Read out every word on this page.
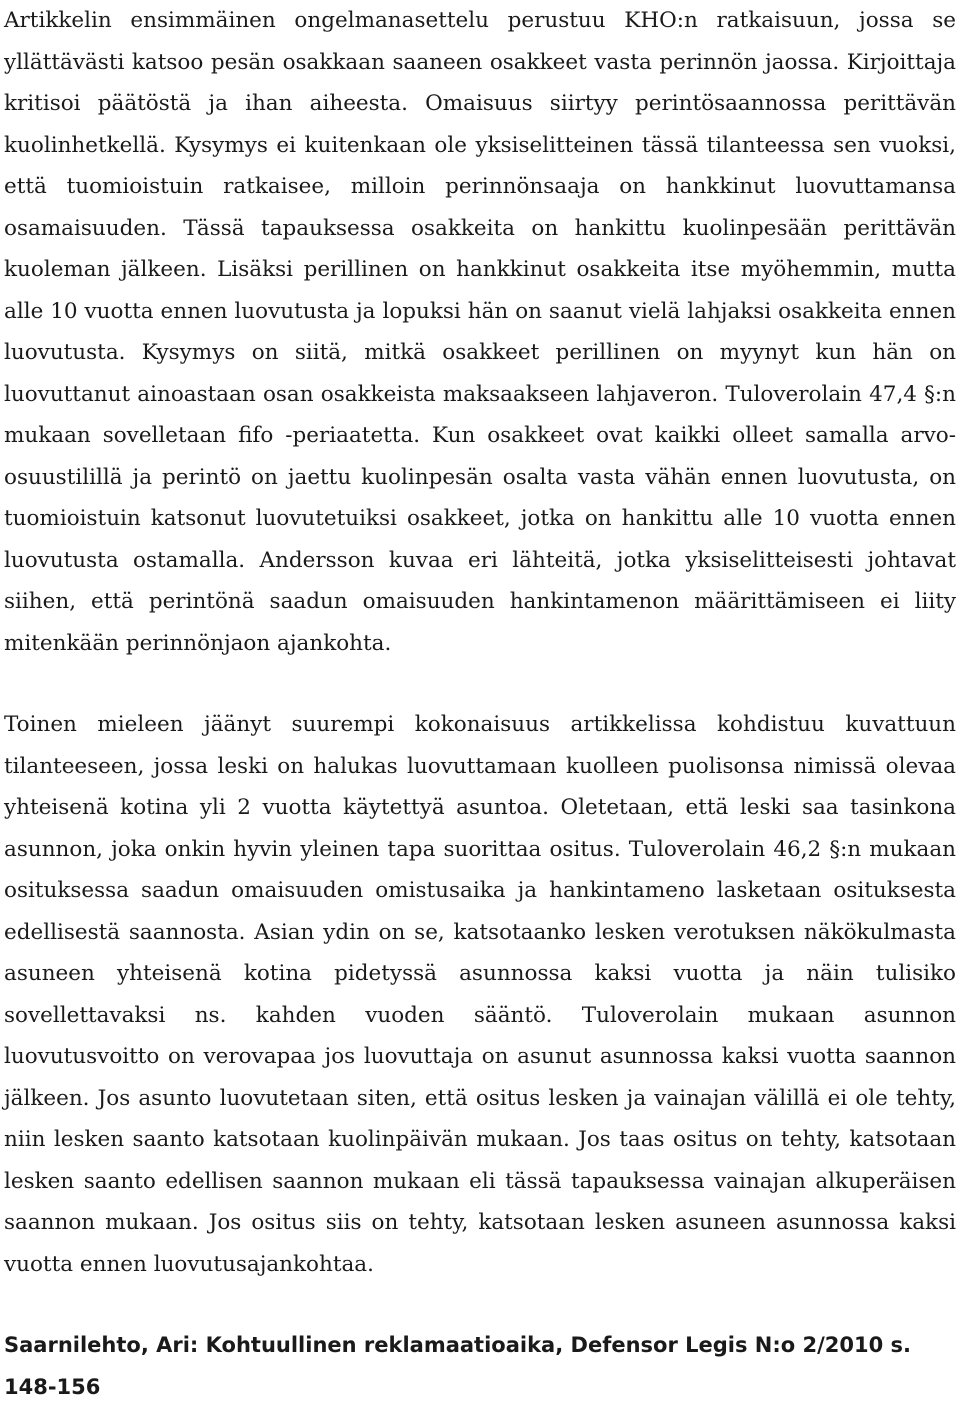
Artikkelin ensimmäinen ongelmanasettelu perustuu KHO:n ratkaisuun, jossa se yllättävästi katsoo pesän osakkaan saaneen osakkeet vasta perinnön jaossa. Kirjoittaja kritisoi päätöstä ja ihan aiheesta. Omaisuus siirtyy perintösaannossa perittävän kuolinhetkellä. Kysymys ei kuitenkaan ole yksiselitteinen tässä tilanteessa sen vuoksi, että tuomioistuin ratkaisee, milloin perinnönsaaja on hankkinut luovuttamansa osamaisuuden. Tässä tapauksessa osakkeita on hankittu kuolinpesään perittävän kuoleman jälkeen. Lisäksi perillinen on hankkinut osakkeita itse myöhemmin, mutta alle 10 vuotta ennen luovutusta ja lopuksi hän on saanut vielä lahjaksi osakkeita ennen luovutusta. Kysymys on siitä, mitkä osakkeet perillinen on myynyt kun hän on luovuttanut ainoastaan osan osakkeista maksaakseen lahjaveron. Tuloverolain 47,4 §:n mukaan sovelletaan fifo -periaatetta. Kun osakkeet ovat kaikki olleet samalla arvo-osuustilillä ja perintö on jaettu kuolinpesän osalta vasta vähän ennen luovutusta, on tuomioistuin katsonut luovutetuiksi osakkeet, jotka on hankittu alle 10 vuotta ennen luovutusta ostamalla. Andersson kuvaa eri lähteitä, jotka yksiselitteisesti johtavat siihen, että perintönä saadun omaisuuden hankintamenon määrittämiseen ei liity mitenkään perinnönjaon ajankohta.

Toinen mieleen jäänyt suurempi kokonaisuus artikkelissa kohdistuu kuvattuun tilanteeseen, jossa leski on halukas luovuttamaan kuolleen puolisonsa nimissä olevaa yhteisenä kotina yli 2 vuotta käytettyä asuntoa. Oletetaan, että leski saa tasinkona asunnon, joka onkin hyvin yleinen tapa suorittaa ositus. Tuloverolain 46,2 §:n mukaan osituksessa saadun omaisuuden omistusaika ja hankintameno lasketaan osituksesta edellisestä saannosta. Asian ydin on se, katsotaanko lesken verotuksen näkökulmasta asuneen yhteisenä kotina pidetyssä asunnossa kaksi vuotta ja näin tulisiko sovellettavaksi ns. kahden vuoden sääntö. Tuloverolain mukaan asunnon luovutusvoitto on verovapaa jos luovuttaja on asunut asunnossa kaksi vuotta saannon jälkeen. Jos asunto luovutetaan siten, että ositus lesken ja vainajan välillä ei ole tehty, niin lesken saanto katsotaan kuolinpäivän mukaan. Jos taas ositus on tehty, katsotaan lesken saanto edellisen saannon mukaan eli tässä tapauksessa vainajan alkuperäisen saannon mukaan. Jos ositus siis on tehty, katsotaan lesken asuneen asunnossa kaksi vuotta ennen luovutusajankohtaa.

Saarnilehto, Ari: Kohtuullinen reklamaatioaika, Defensor Legis N:o 2/2010 s. 148-156
